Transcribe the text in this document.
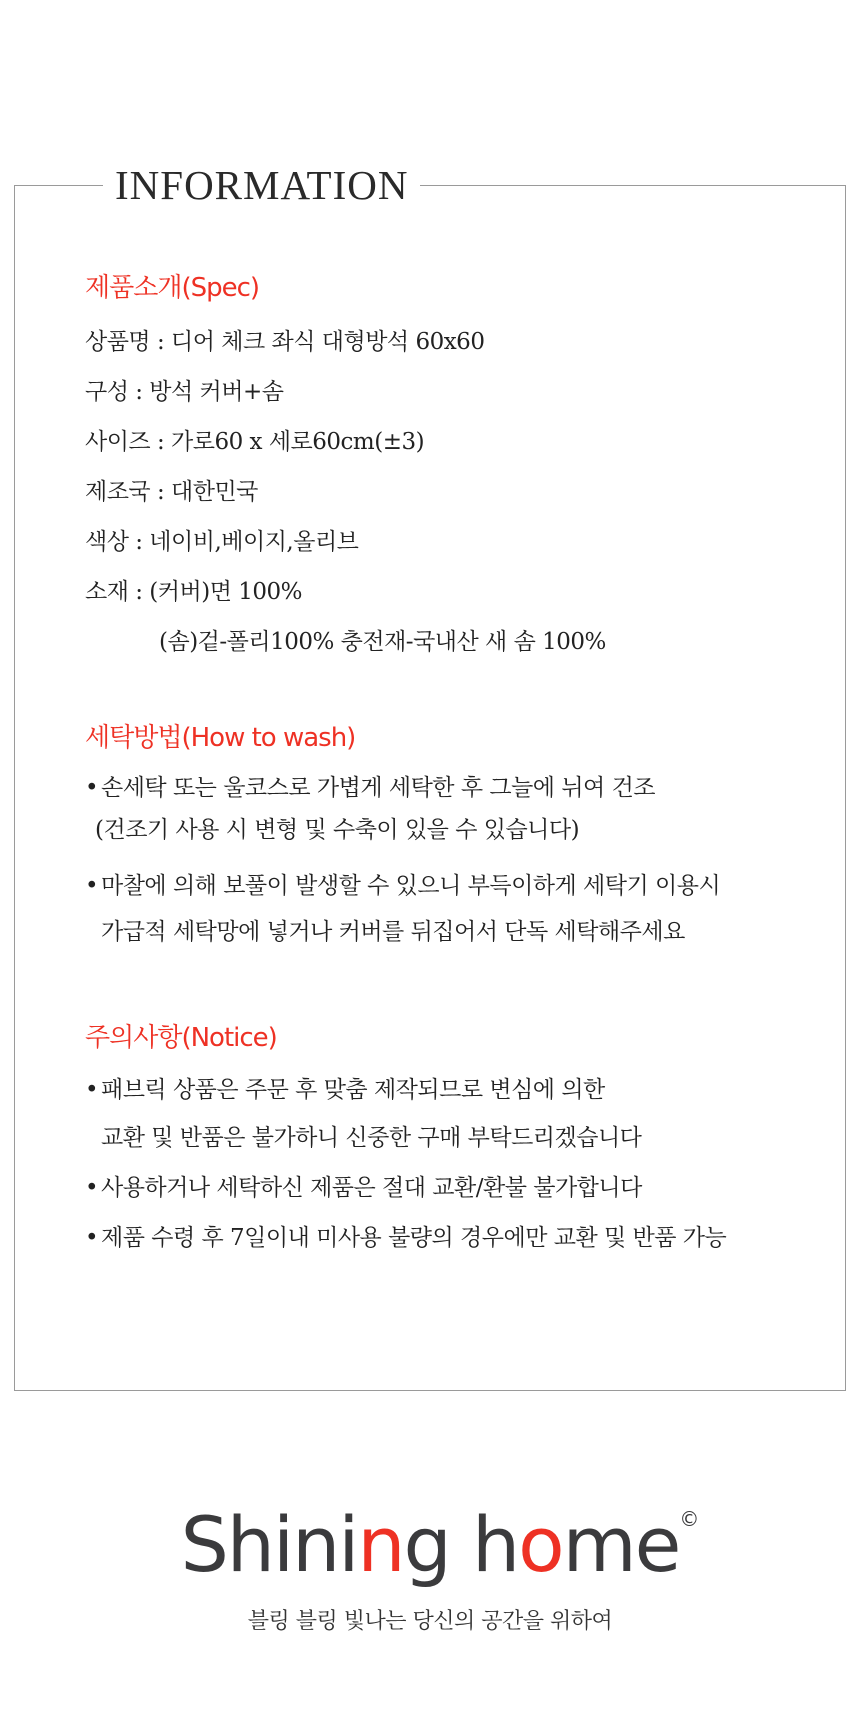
INFORMATION
제품소개(Spec)
상품명 : 디어 체크 좌식 대형방석 60x60
구성 : 방석 커버+솜
사이즈 : 가로60 x 세로60cm(±3)
제조국 : 대한민국
색상 : 네이비,베이지,올리브
소재 : (커버)면 100%
(솜)겉-폴리100% 충전재-국내산 새 솜 100%
세탁방법(How to wash)
• 손세탁 또는 울코스로 가볍게 세탁한 후 그늘에 뉘여 건조
(건조기 사용 시 변형 및 수축이 있을 수 있습니다)
• 마찰에 의해 보풀이 발생할 수 있으니 부득이하게 세탁기 이용시
가급적 세탁망에 넣거나 커버를 뒤집어서 단독 세탁해주세요
주의사항(Notice)
• 패브릭 상품은 주문 후 맞춤 제작되므로 변심에 의한
교환 및 반품은 불가하니 신중한 구매 부탁드리겠습니다
• 사용하거나 세탁하신 제품은 절대 교환/환불 불가합니다
• 제품 수령 후 7일이내 미사용 불량의 경우에만 교환 및 반품 가능
Shining home ©
블링 블링 빛나는 당신의 공간을 위하여
